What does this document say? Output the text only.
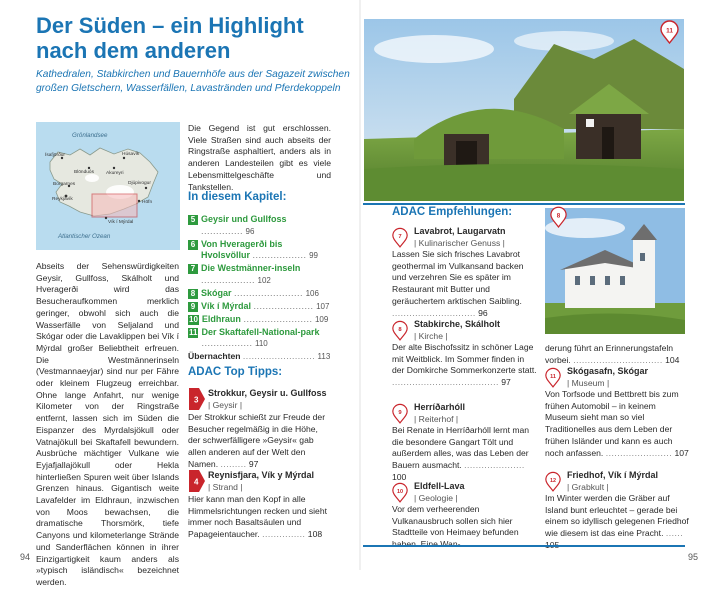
Der Süden – ein Highlight nach dem anderen

Kathedralen, Stabkirchen und Bauernhöfe aus der Sagazeit zwischen großen Gletschern, Wasserfällen, Lavastränden und Pferdekoppeln

Grönlandsee
Atlantischer Ozean
Ísafjörður	Húsavík
Blönduós Akureyri
Borgarnes	Djúpivogur
Reykjavík
Höfn
Vík í Mýrdal

Abseits der Sehenswürdigkeiten Geysir, Gullfoss, Skálholt und Hveragerði wird das Besucheraufkommen merklich geringer, obwohl sich auch die Wasserfälle von Seljaland und Skógar oder die Lavaklippen bei Vík í Mýrdal großer Beliebtheit erfreuen. Die Westmännerinseln (Vestmannaeyjar) sind nur per Fähre oder kleinem Flugzeug erreichbar. Ohne lange Anfahrt, nur wenige Kilometer von der Ringstraße entfernt, lassen sich im Süden die Eispanzer des Myrdalsjökull oder Vatnajökull bei Skaftafell bewundern. Ausbrüche mächtiger Vulkane wie Eyjafjallajökull oder Hekla hinterließen Spuren weit über Islands Grenzen hinaus. Gigantisch weite Lavafelder im Eldhraun, inzwischen von Moos bewachsen, die dramatische Thorsmörk, tiefe Canyons und kilometerlange Strände und Sanderflächen können in ihrer Einzigartigkeit kaum anders als »typisch isländisch« bezeichnet werden.

Die Gegend ist gut erschlossen. Viele Straßen sind auch abseits der Ringstraße asphaltiert, anders als in anderen Landesteilen gibt es viele Lebensmittelgeschäfte und Tankstellen.

In diesem Kapitel:
5 Geysir und Gullfoss .............. 96
6 Von Hveragerði bis Hvolsvöllur .................. 99
7 Die Westmänner-inseln .................. 102
8 Skógar ....................... 106
9 Vík í Mýrdal .................... 107
10 Eldhraun ....................... 109
11 Der Skaftafell-National-park ................. 110
Übernachten ......................... 113
ADAC Top Tipps:
3
Strokkur, Geysir u. Gullfoss
| Geysir |

Der Strokkur schießt zur Freude der Besucher regelmäßig in die Höhe, der schwerfälligere »Geysir« gab allen anderen auf der Welt den Namen. ......... 97

4
Reynisfjara, Vík y Mýrdal
| Strand |

Hier kann man den Kopf in alle Himmelsrichtungen recken und sieht immer noch Basaltsäulen und Papageientaucher. ............... 108

94
11
ADAC Empfehlungen:	8
7
Lavabrot, Laugarvatn
| Kulinarischer Genuss |

Lassen Sie sich frisches Lavabrot geothermal im Vulkansand backen und verzehren Sie es später im Restaurant mit Butter und geräuchertem arktischen Saibling. ............................. 96

8
Stabkirche, Skálholt
| Kirche |

Der alte Bischofssitz in schöner Lage mit Weitblick. Im Sommer finden in der Domkirche Sommerkonzerte statt. ..................................... 97

9
Herríðarhóll
| Reiterhof |

Bei Renate in Herríðarhóll lernt man die besondere Gangart Tölt und außerdem alles, was das Leben der Bauern ausmacht. ..................... 100

10
Eldfell-Lava
| Geologie |

Vor dem verheerenden Vulkanausbruch sollen sich hier Stadtteile von Heimaey befunden

derung führt an Erinnerungstafeln vorbei. ............................... 104

11
Skógasafn, Skógar
| Museum |

Von Torfsode und Bettbrett bis zum frühen Automobil – in keinem Museum sieht man so viel Traditionelles aus dem Leben der frühen Isländer und kann es auch noch anfassen. ....................... 107

12
Friedhof, Vík í Mýrdal
| Grabkult |

Im Winter werden die Gräber auf Island bunt erleuchtet – gerade bei einem so idyllisch gelegenen Friedhof wie diesem ist das eine Pracht. ......

95
